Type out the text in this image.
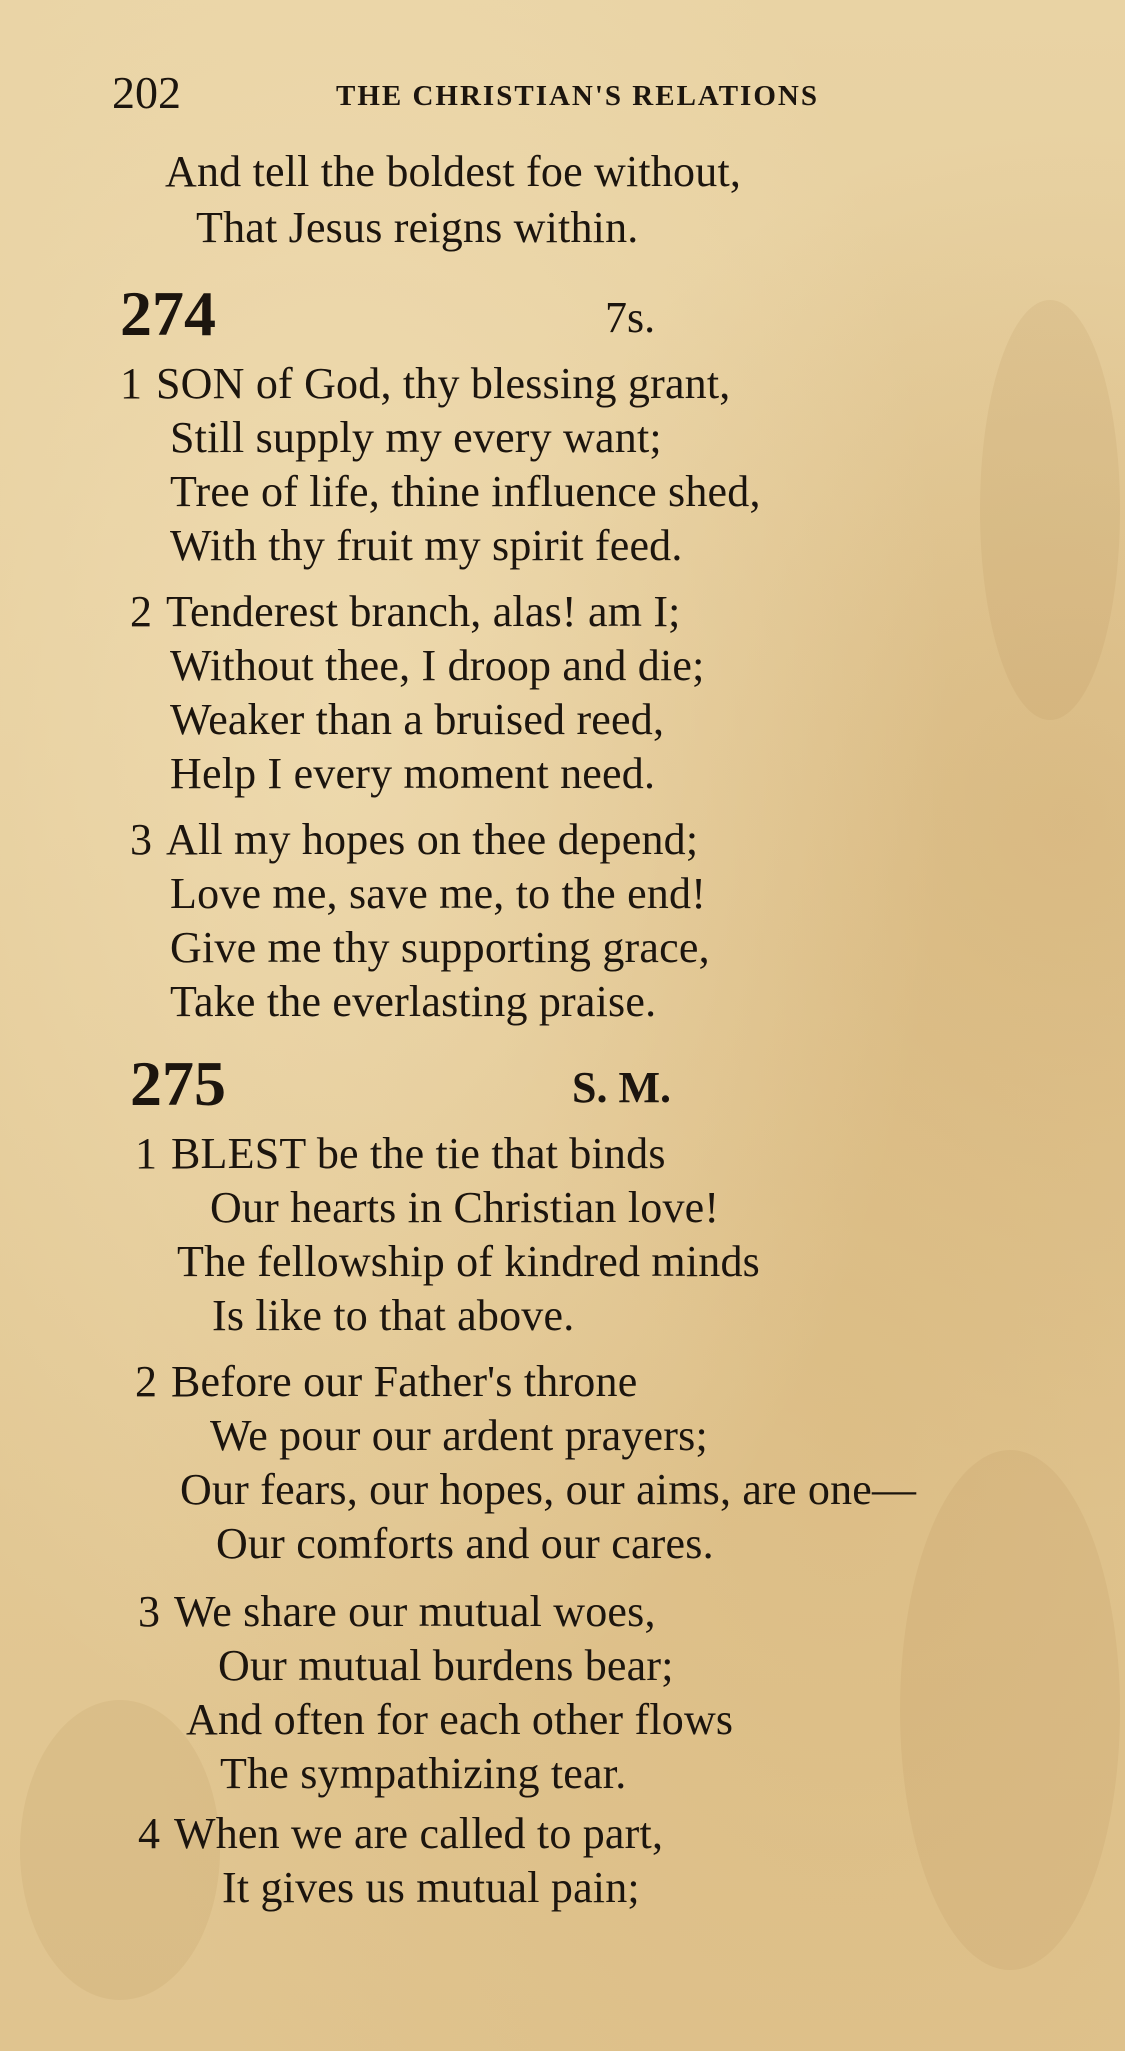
202	THE CHRISTIAN'S RELATIONS
And tell the boldest foe without,
That Jesus reigns within.
274	7s.
1 SON of God, thy blessing grant,
Still supply my every want;
Tree of life, thine influence shed,
With thy fruit my spirit feed.
2 Tenderest branch, alas! am I;
Without thee, I droop and die;
Weaker than a bruised reed,
Help I every moment need.
3 All my hopes on thee depend;
Love me, save me, to the end!
Give me thy supporting grace,
Take the everlasting praise.
275	S. M.
1 BLEST be the tie that binds
Our hearts in Christian love!
The fellowship of kindred minds
Is like to that above.
2 Before our Father's throne
We pour our ardent prayers;
Our fears, our hopes, our aims, are one—
Our comforts and our cares.
3 We share our mutual woes,
Our mutual burdens bear;
And often for each other flows
The sympathizing tear.
4 When we are called to part,
It gives us mutual pain;
